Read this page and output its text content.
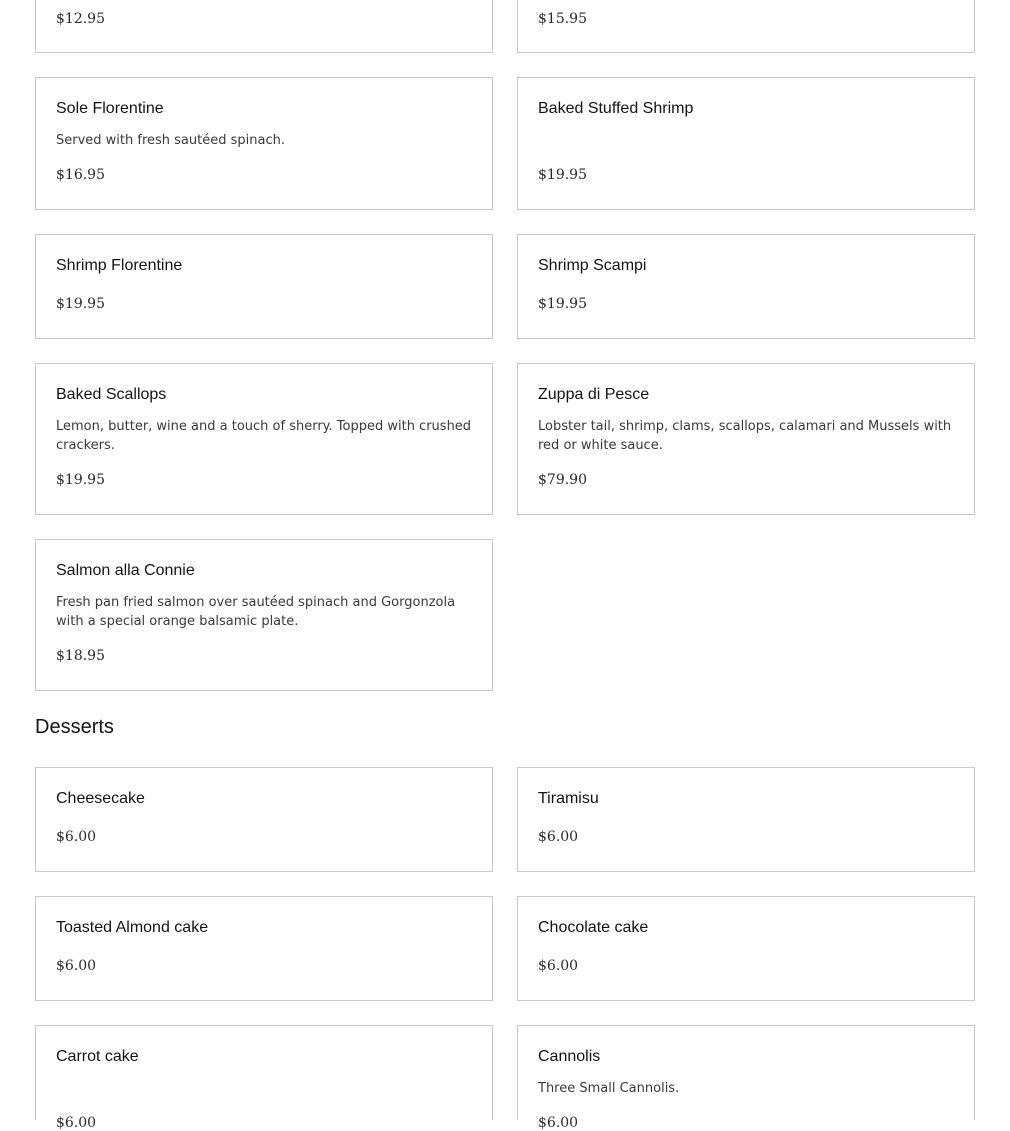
$12.95	$15.95
Sole Florentine
Served with fresh sautéed spinach.
$16.95
Baked Stuffed Shrimp
$19.95
Shrimp Florentine
$19.95
Shrimp Scampi
$19.95
Baked Scallops
Lemon, butter, wine and a touch of sherry. Topped with crushed crackers.
$19.95
Zuppa di Pesce
Lobster tail, shrimp, clams, scallops, calamari and Mussels with red or white sauce.
$79.90
Salmon alla Connie
Fresh pan fried salmon over sautéed spinach and Gorgonzola with a special orange balsamic plate.
$18.95
Desserts
Cheesecake
$6.00
Tiramisu
$6.00
Toasted Almond cake
$6.00
Chocolate cake
$6.00
Carrot cake
$6.00
Cannolis
Three Small Cannolis.
$6.00
